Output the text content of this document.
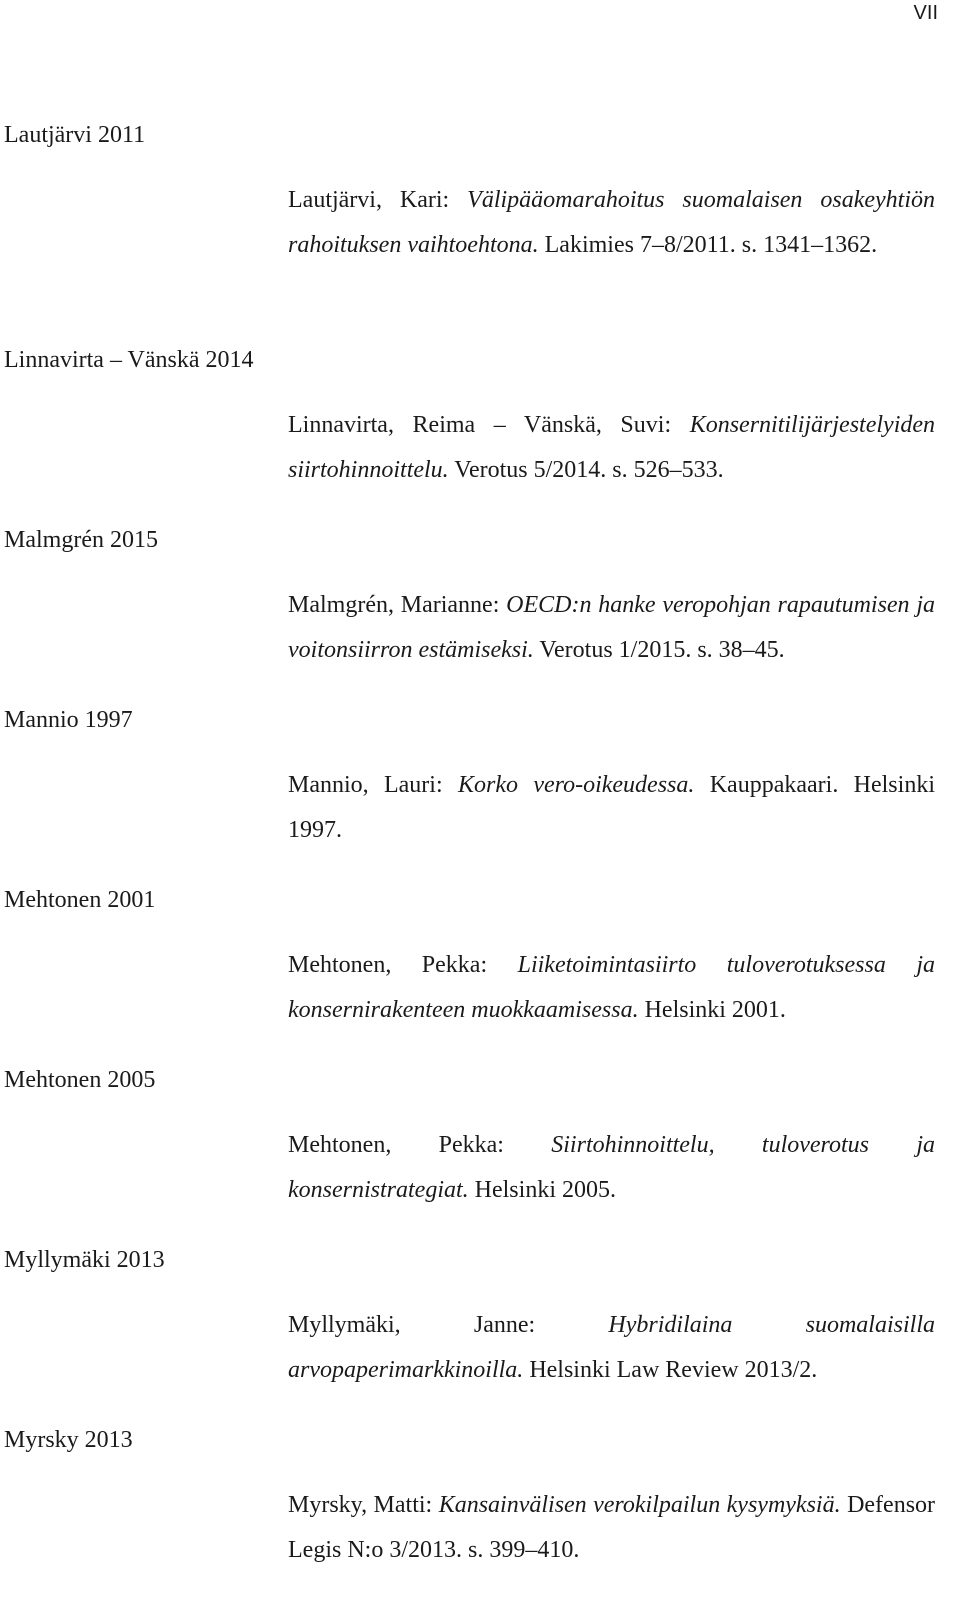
VII
Lautjärvi 2011
Lautjärvi, Kari: Välipääomarahoitus suomalaisen osakeyhtiön rahoituksen vaihtoehtona. Lakimies 7–8/2011. s. 1341–1362.
Linnavirta – Vänskä 2014
Linnavirta, Reima – Vänskä, Suvi: Konsernitilijärjestelyiden siirtohinnoittelu. Verotus 5/2014. s. 526–533.
Malmgrén 2015
Malmgrén, Marianne: OECD:n hanke veropohjan rapautumisen ja voitonsiirron estämiseksi. Verotus 1/2015. s. 38–45.
Mannio 1997
Mannio, Lauri: Korko vero-oikeudessa. Kauppakaari. Helsinki 1997.
Mehtonen 2001
Mehtonen, Pekka: Liiketoimintasiirto tuloverotuksessa ja konsernirakenteen muokkaamisessa. Helsinki 2001.
Mehtonen 2005
Mehtonen, Pekka: Siirtohinnoittelu, tuloverotus ja konsernistrategiat. Helsinki 2005.
Myllymäki 2013
Myllymäki, Janne:	Hybridilaina suomalaisilla arvopaperimarkkinoilla. Helsinki Law Review 2013/2.
Myrsky 2013
Myrsky, Matti: Kansainvälisen verokilpailun kysymyksiä. Defensor Legis N:o 3/2013. s. 399–410.
